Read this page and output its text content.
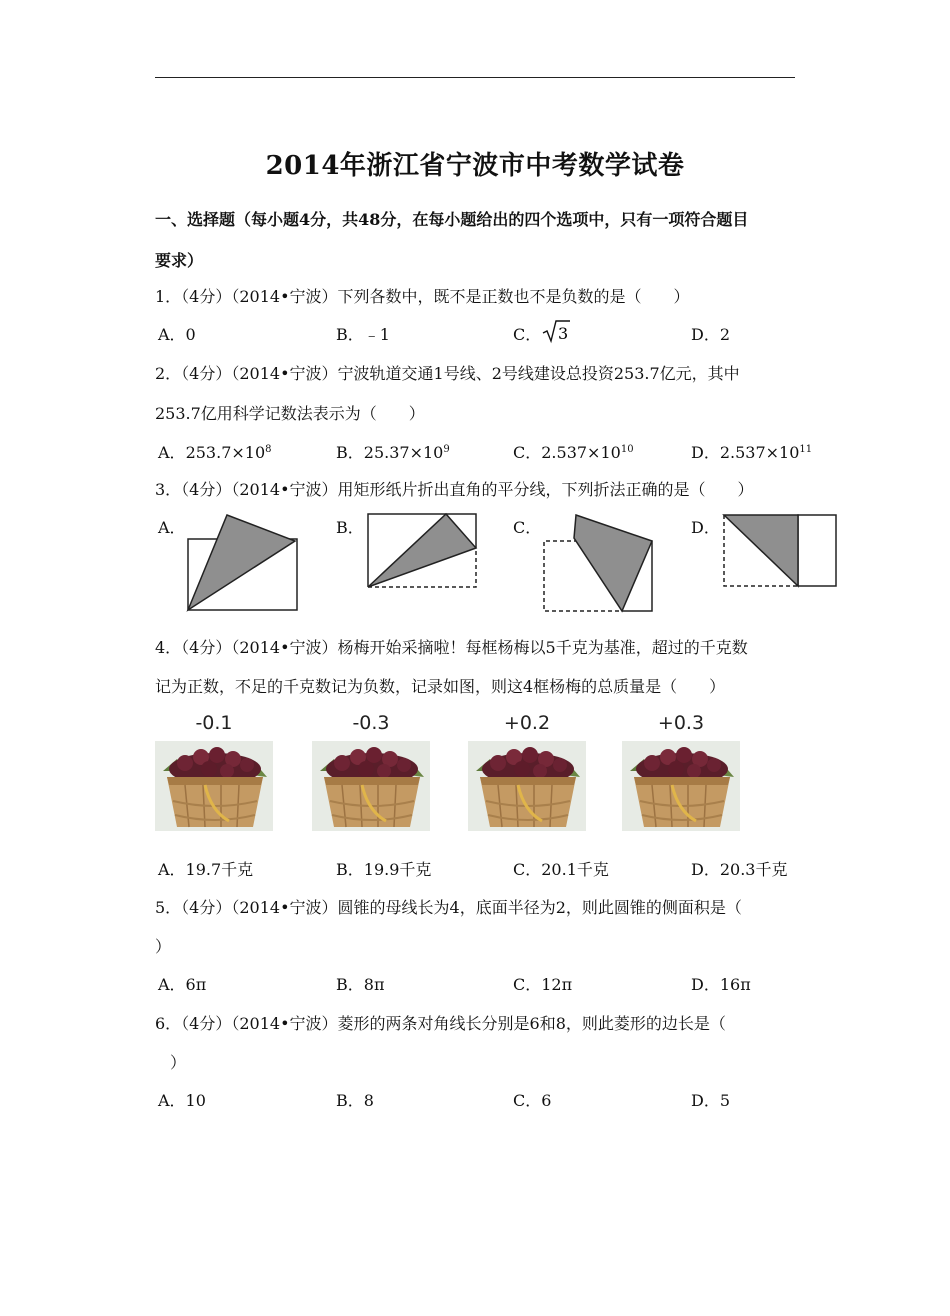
2014年浙江省宁波市中考数学试卷
一、选择题（每小题4分，共48分，在每小题给出的四个选项中，只有一项符合题目
要求）
1．（4分）（2014•宁波）下列各数中，既不是正数也不是负数的是（　　）
A．0	B．﹣1	C． 3	D．2
2．（4分）（2014•宁波）宁波轨道交通1号线、2号线建设总投资253.7亿元，其中
253.7亿用科学记数法表示为（　　）
A．$253.7\times 10^8$	B．$25.37\times 10^9$	C．$2.537\times 10^{10}$	D．$2.537\times 10^{11}$
3．（4分）（2014•宁波）用矩形纸片折出直角的平分线，下列折法正确的是（　　）
A．	B．	C．	D．
4．（4分）（2014•宁波）杨梅开始采摘啦！每框杨梅以5千克为基准，超过的千克数
记为正数，不足的千克数记为负数，记录如图，则这4框杨梅的总质量是（　　）
-0.1	-0.3	+0.2	+0.3
A．19.7千克	B．19.9千克	C．20.1千克	D．20.3千克
5．（4分）（2014•宁波）圆锥的母线长为4，底面半径为2，则此圆锥的侧面积是（
）
A．6π	B．8π	C．12π	D．16π
6．（4分）（2014•宁波）菱形的两条对角线长分别是6和8，则此菱形的边长是（
）
A．10	B．8	C．6	D．5
